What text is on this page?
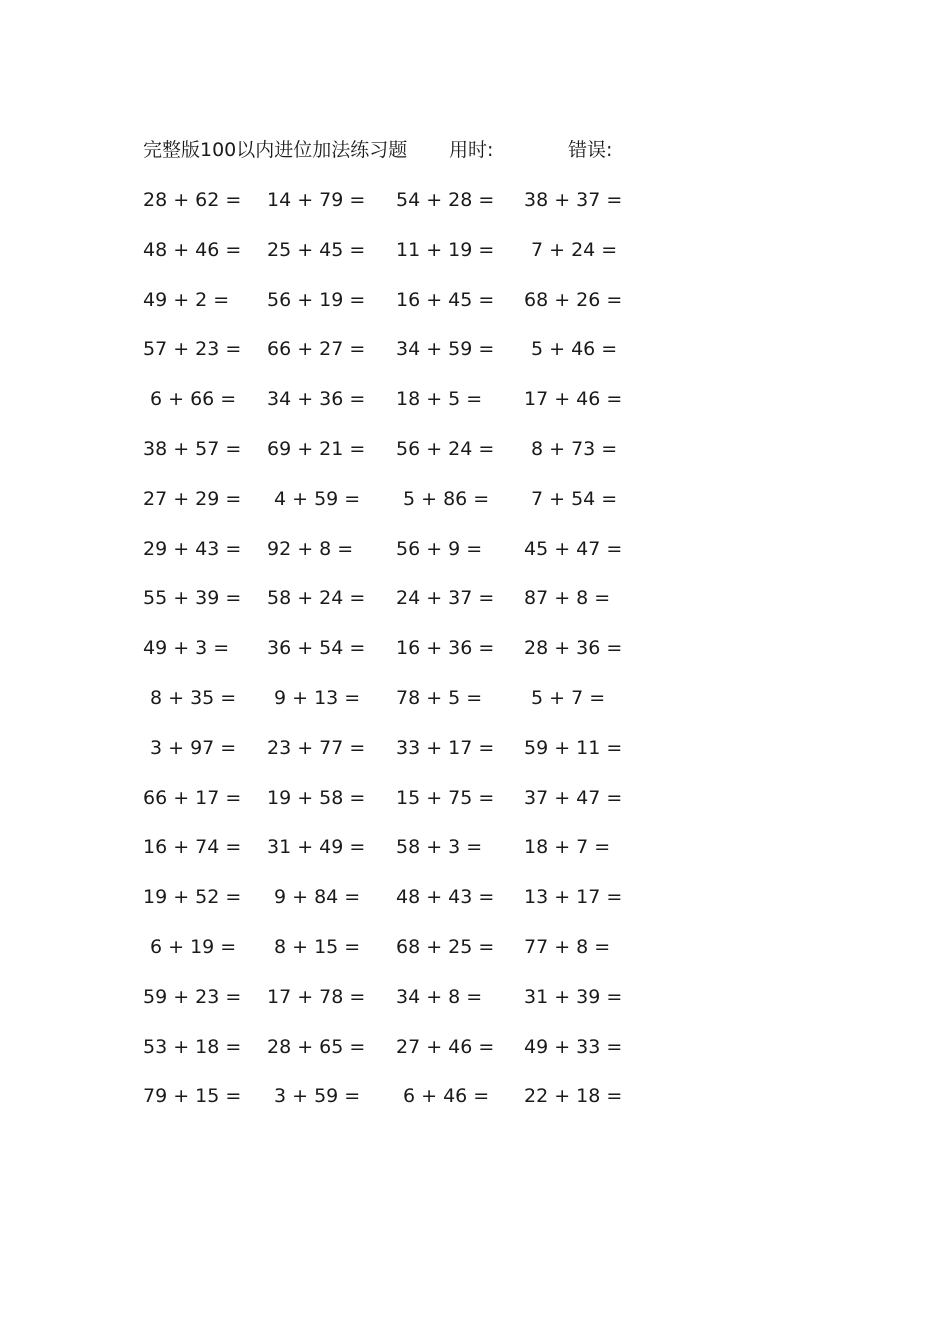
完整版100以内进位加法练习题 用时:	错误:
28 + 62 =	14 + 79 =	54 + 28 =	38 + 37 =
48 + 46 =	25 + 45 =	11 + 19 =	7 + 24 =
49 + 2 =	56 + 19 =	16 + 45 =	68 + 26 =
57 + 23 =	66 + 27 =	34 + 59 =	5 + 46 =
6 + 66 =	34 + 36 =	18 + 5 =	17 + 46 =
38 + 57 =	69 + 21 =	56 + 24 =	8 + 73 =
27 + 29 =	4 + 59 =	5 + 86 =	7 + 54 =
29 + 43 =	92 + 8 =	56 + 9 =	45 + 47 =
55 + 39 =	58 + 24 =	24 + 37 =	87 + 8 =
49 + 3 =	36 + 54 =	16 + 36 =	28 + 36 =
8 + 35 =	9 + 13 =	78 + 5 =	5 + 7 =
3 + 97 =	23 + 77 =	33 + 17 =	59 + 11 =
66 + 17 =	19 + 58 =	15 + 75 =	37 + 47 =
16 + 74 =	31 + 49 =	58 + 3 =	18 + 7 =
19 + 52 =	9 + 84 =	48 + 43 =	13 + 17 =
6 + 19 =	8 + 15 =	68 + 25 =	77 + 8 =
59 + 23 =	17 + 78 =	34 + 8 =	31 + 39 =
53 + 18 =	28 + 65 =	27 + 46 =	49 + 33 =
79 + 15 =	3 + 59 =	6 + 46 =	22 + 18 =
